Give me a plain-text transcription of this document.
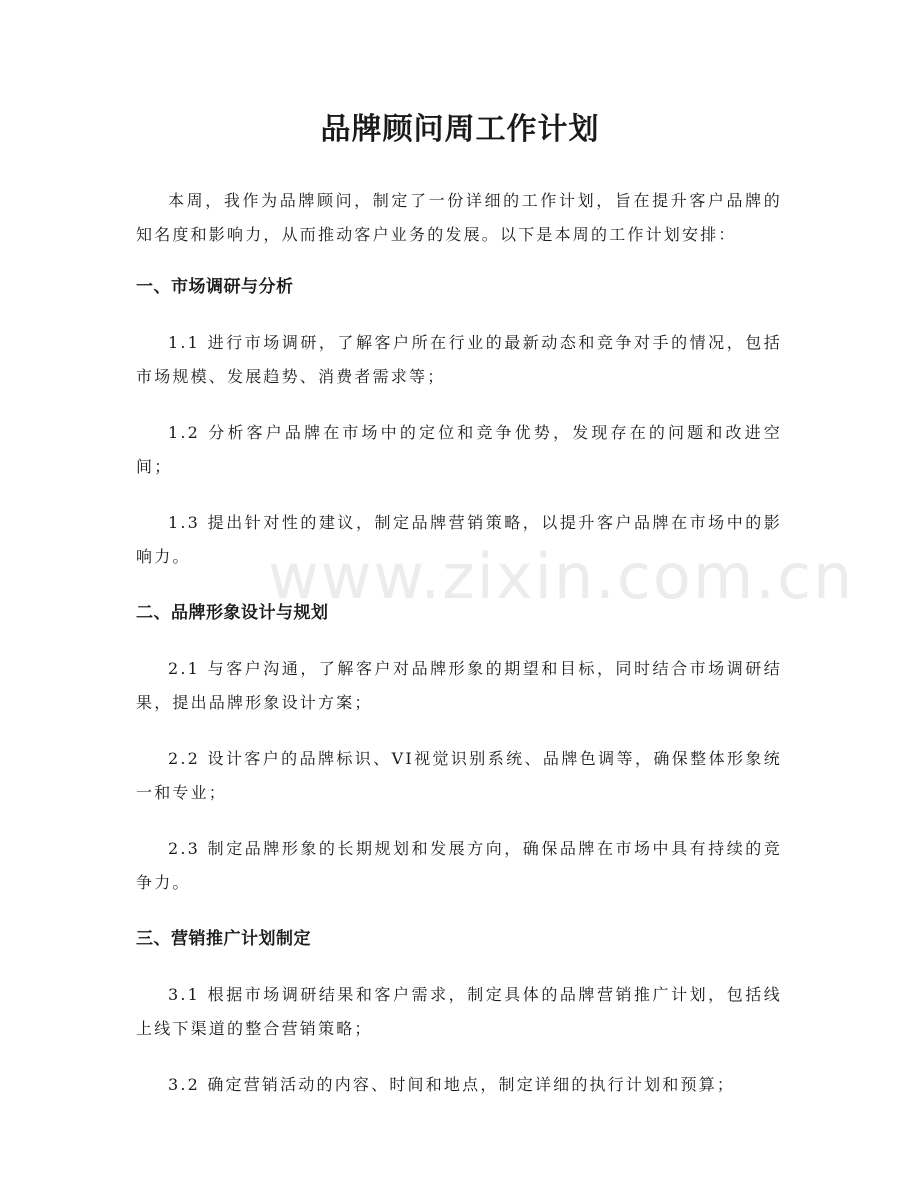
品牌顾问周工作计划

本周，我作为品牌顾问，制定了一份详细的工作计划，旨在提升客户品牌的知名度和影响力，从而推动客户业务的发展。以下是本周的工作计划安排：

一、市场调研与分析

1.1 进行市场调研，了解客户所在行业的最新动态和竞争对手的情况，包括市场规模、发展趋势、消费者需求等；

1.2 分析客户品牌在市场中的定位和竞争优势，发现存在的问题和改进空间；

1.3 提出针对性的建议，制定品牌营销策略，以提升客户品牌在市场中的影响力。

二、品牌形象设计与规划

2.1 与客户沟通，了解客户对品牌形象的期望和目标，同时结合市场调研结果，提出品牌形象设计方案；

2.2 设计客户的品牌标识、VI视觉识别系统、品牌色调等，确保整体形象统一和专业；

2.3 制定品牌形象的长期规划和发展方向，确保品牌在市场中具有持续的竞争力。

三、营销推广计划制定

3.1 根据市场调研结果和客户需求，制定具体的品牌营销推广计划，包括线上线下渠道的整合营销策略；

3.2 确定营销活动的内容、时间和地点，制定详细的执行计划和预算；

www.zixin.com.cn
